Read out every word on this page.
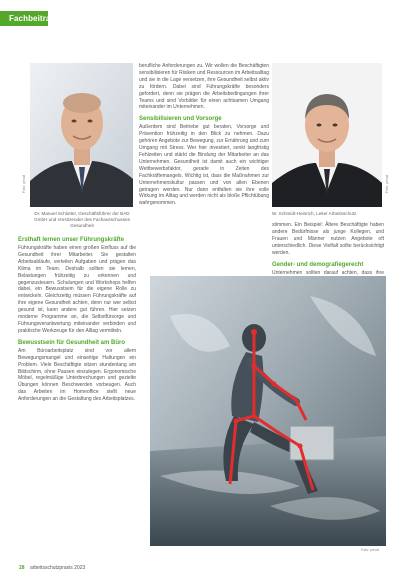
Fachbeitrag
Foto: privat
Dr. Manuel Schlotter, Geschäftsführer der BAD GmbH und Vorsitzender des Fachausschusses Gesundheit
Ersthaft lernen unser Führungskräfte

Führungskräfte haben einen großen Einfluss auf die Gesundheit ihrer Mitarbeiter. Sie gestalten Arbeitsabläufe, verteilen Aufgaben und prägen das Klima im Team. Deshalb sollten sie lernen, Belastungen frühzeitig zu erkennen und gegenzusteuern. Schulungen und Workshops helfen dabei, ein Bewusstsein für die eigene Rolle zu entwickeln. Gleichzeitig müssen Führungskräfte auf ihre eigene Gesundheit achten, denn nur wer selbst gesund ist, kann andere gut führen. Hier setzen moderne Programme an, die Selbstfürsorge und Führungsverantwortung miteinander verbinden und praktische Werkzeuge für den Alltag vermitteln.

Bewusstsein für Gesundheit am Büro

Am Büroarbeitsplatz sind vor allem Bewegungsmangel und einseitige Haltungen ein Problem. Viele Beschäftigte sitzen stundenlang am Bildschirm, ohne Pausen einzulegen. Ergonomische Möbel, regelmäßige Unterbrechungen und gezielte Übungen können Beschwerden vorbeugen. Auch das Arbeiten im Homeoffice stellt neue Anforderungen an die Gestaltung des Arbeitsplatzes.

berufliche Anforderungen zu. Wir wollen die Beschäftigten sensibilisieren für Risiken und Ressourcen im Arbeitsalltag und sie in die Lage versetzen, ihre Gesundheit selbst aktiv zu fördern. Dabei sind Führungskräfte besonders gefordert, denn sie prägen die Arbeitsbedingungen ihrer Teams und sind Vorbilder für einen achtsamen Umgang miteinander im Unternehmen.

Sensibilisieren und Vorsorge

Außerdem sind Betriebe gut beraten, Vorsorge und Prävention frühzeitig in den Blick zu nehmen. Dazu gehören Angebote zur Bewegung, zur Ernährung und zum Umgang mit Stress. Wer hier investiert, senkt langfristig Fehlzeiten und stärkt die Bindung der Mitarbeiter an das Unternehmen. Gesundheit ist damit auch ein wichtiger Wettbewerbsfaktor, gerade in Zeiten des Fachkräftemangels. Wichtig ist, dass die Maßnahmen zur Unternehmenskultur passen und von allen Ebenen getragen werden. Nur dann entfalten sie ihre volle Wirkung im Alltag und werden nicht als bloße Pflichtübung wahrgenommen.

Foto: privat
W. Schmidt-Heinrich, Leiter Arbeitsschutz

stimmen. Ein Beispiel: Ältere Beschäftigte haben andere Bedürfnisse als junge Kollegen, und Frauen und Männer nutzen Angebote oft unterschiedlich. Diese Vielfalt sollte berücksichtigt werden.

Gender- und demografiegerecht

Unternehmen sollten darauf achten, dass ihre

Foto: privat
28 arbeitsschutzpraxis 2023
